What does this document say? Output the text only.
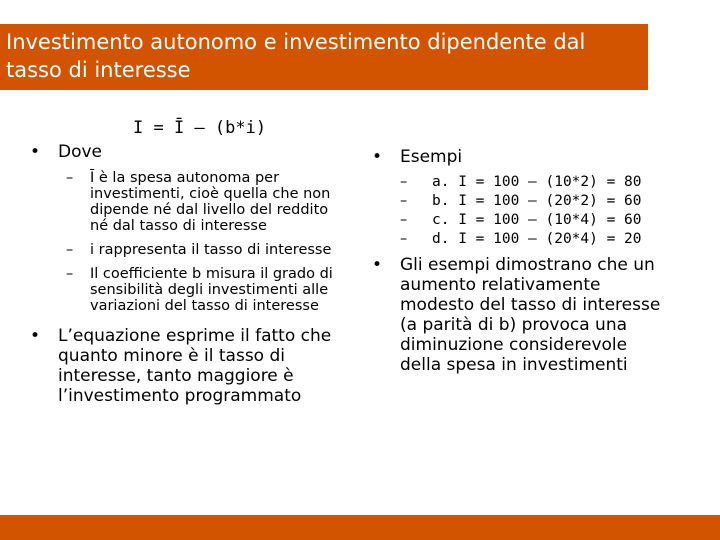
Investimento autonomo e investimento dipendente dal tasso di interesse
I = Ī – (b*i)
• Dove
– Ī è la spesa autonoma per investimenti, cioè quella che non dipende né dal livello del reddito né dal tasso di interesse
– i rappresenta il tasso di interesse
– Il coefficiente b misura il grado di sensibilità degli investimenti alle variazioni del tasso di interesse
• L’equazione esprime il fatto che quanto minore è il tasso di interesse, tanto maggiore è l’investimento programmato
• Esempi
– a. I = 100 – (10*2) = 80
– b. I = 100 – (20*2) = 60
– c. I = 100 – (10*4) = 60
– d. I = 100 – (20*4) = 20
• Gli esempi dimostrano che un aumento relativamente modesto del tasso di interesse (a parità di b) provoca una diminuzione considerevole della spesa in investimenti
